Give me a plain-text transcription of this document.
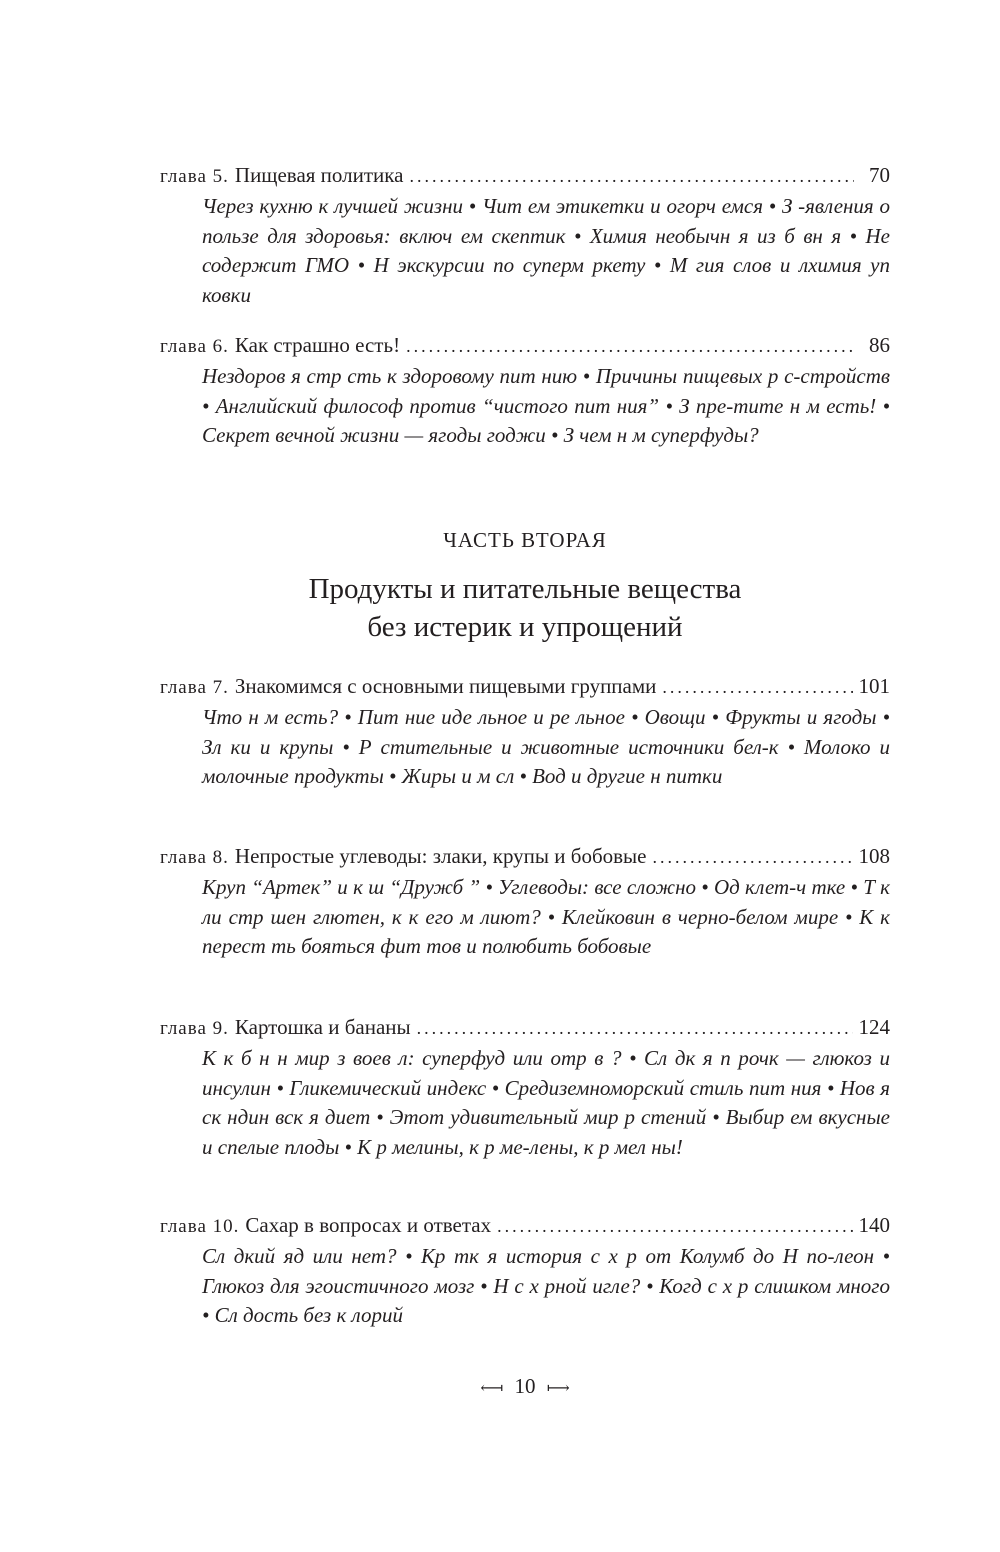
глава 5. Пищевая политика .....	70
Через кухню к лучшей жизни • Чит ем этикетки и огорч емся • З -явления о пользе для здоровья: включ ем скептик • Химия необычн я из б вн я • Не содержит ГМО • Н экскурсии по суперм ркету • М гия слов и лхимия уп ковки
глава 6. Как страшно есть! .....	86
Нездоров я стр сть к здоровому пит нию • Причины пищевых р с-стройств • Английский философ против “чистого пит ния” • З пре-тите н м есть! • Секрет вечной жизни — ягоды годжи • З чем н м суперфуды?
ЧАСТЬ ВТОРАЯ
Продукты и питательные вещества
без истерик и упрощений
глава 7. Знакомимся с основными пищевыми группами .....	101
Что н м есть? • Пит ние иде льное и ре льное • Овощи • Фрукты и ягоды • Зл ки и крупы • Р стительные и животные источники бел-к • Молоко и молочные продукты • Жиры и м сл • Вод и другие н питки
глава 8. Непростые углеводы: злаки, крупы и бобовые .....	108
Круп “Артек” и к ш “Дружб ” • Углеводы: все сложно • Од клет-ч тке • Т к ли стр шен глютен, к к его м лиют? • Клейковин в черно-белом мире • К к перест ть бояться фит тов и полюбить бобовые
глава 9. Картошка и бананы .....	124
К к б н н мир з воев л: суперфуд или отр в ? • Сл дк я п рочк — глюкоз и инсулин • Гликемический индекс • Средиземноморский стиль пит ния • Нов я ск ндин вск я диет • Этот удивительный мир р стений • Выбир ем вкусные и спелые плоды • К р мелины, к р ме-лены, к р мел ны!
глава 10. Сахар в вопросах и ответах .....	140
Сл дкий яд или нет? • Кр тк я история с х р от Колумб до Н по-леон • Глюкоз для эгоистичного мозг • Н с х рной игле? • Когд с х р слишком много • Сл дость без к лорий
⟻ 10 ⟼
